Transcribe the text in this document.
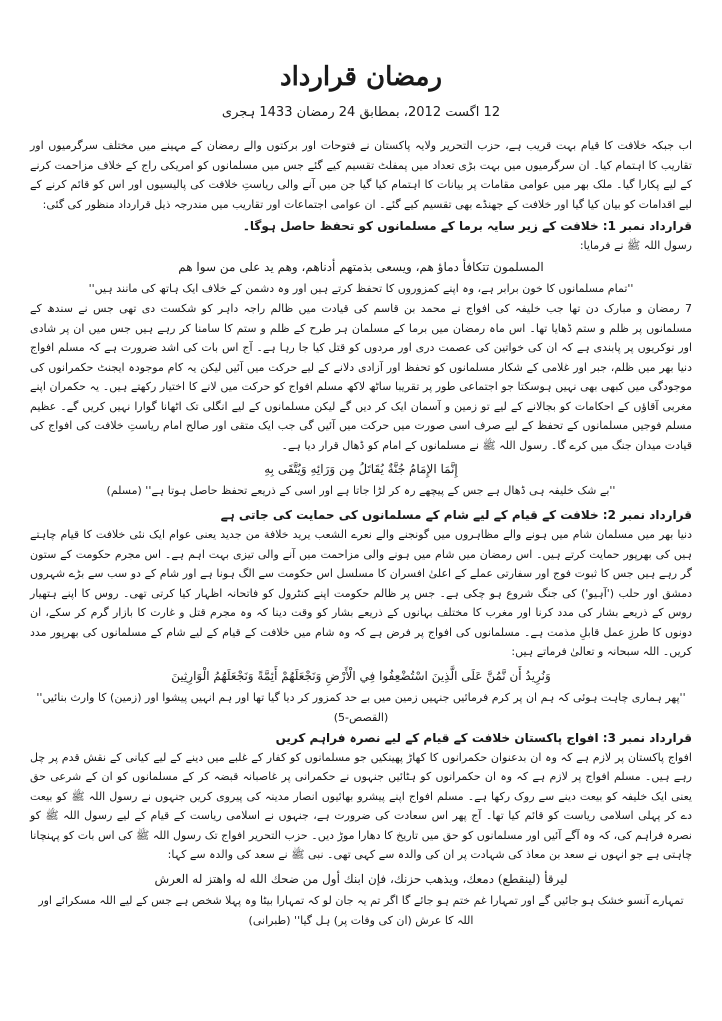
رمضان قرارداد
12 اگست 2012، بمطابق 24 رمضان 1433 ہجری

اب جبکہ خلافت کا قیام بہت قریب ہے، حزب التحریر ولایہ پاکستان نے فتوحات اور برکتوں والے رمضان کے مہینے میں مختلف سرگرمیوں اور تقاریب کا اہتمام کیا۔ ان سرگرمیوں میں بہت بڑی تعداد میں پمفلٹ تقسیم کیے گئے جس میں مسلمانوں کو امریکی راج کے خلاف مزاحمت کرنے کے لیے پکارا گیا۔ ملک بھر میں عوامی مقامات پر بیانات کا اہتمام کیا گیا جن میں آنے والی ریاستِ خلافت کی پالیسیوں اور اس کو قائم کرنے کے لیے اقدامات کو بیان کیا گیا اور خلافت کے جھنڈے بھی تقسیم کیے گئے۔ ان عوامی اجتماعات اور تقاریب میں مندرجہ ذیل قرارداد منظور کی گئی:

قرارداد نمبر 1: خلافت کے زیر سایہ برما کے مسلمانوں کو تحفظ حاصل ہوگا۔

رسول اللہ ﷺ نے فرمایا:

المسلمون تتكافأ دماؤ هم، ويسعى بذمتهم أدناهم، وهم يد على من سوا هم

''تمام مسلمانوں کا خون برابر ہے، وہ اپنے کمزوروں کا تحفظ کرتے ہیں اور وہ دشمن کے خلاف ایک ہاتھ کی مانند ہیں''

7 رمضان و مبارک دن تھا جب خلیفہ کی افواج نے محمد بن قاسم کی قیادت میں ظالم راجہ داہر کو شکست دی تھی جس نے سندھ کے مسلمانوں پر ظلم و ستم ڈھایا تھا۔ اس ماہ رمضان میں برما کے مسلمان ہر طرح کے ظلم و ستم کا سامنا کر رہے ہیں جس میں ان پر شادی اور نوکریوں پر پابندی ہے کہ ان کی خواتین کی عصمت دری اور مردوں کو قتل کیا جا رہا ہے۔ آج اس بات کی اشد ضرورت ہے کہ مسلم افواج دنیا بھر میں ظلم، جبر اور غلامی کے شکار مسلمانوں کو تحفظ اور آزادی دلانے کے لیے حرکت میں آئیں لیکن یہ کام موجودہ ایجنٹ حکمرانوں کی موجودگی میں کبھی بھی نہیں ہوسکتا جو اجتماعی طور پر تقریبا ساٹھ لاکھ مسلم افواج کو حرکت میں لانے کا اختیار رکھتے ہیں۔ یہ حکمران اپنے مغربی آقاؤں کے احکامات کو بجالانے کے لیے تو زمین و آسمان ایک کر دیں گے لیکن مسلمانوں کے لیے انگلی تک اٹھانا گوارا نہیں کریں گے۔ عظیم مسلم فوجیں مسلمانوں کے تحفظ کے لیے صرف اسی صورت میں حرکت میں آئیں گی جب ایک متقی اور صالح امام ریاستِ خلافت کی افواج کی قیادت میدان جنگ میں کرے گا۔ رسول اللہ ﷺ نے مسلمانوں کے امام کو ڈھال قرار دیا ہے۔

إِنَّمَا الإِمَامُ جُنَّةٌ يُقَاتَلُ مِن وَرَائِهِ وَيُتَّقَى بِهِ

''بے شک خلیفہ ہی ڈھال ہے جس کے پیچھے رہ کر لڑا جاتا ہے اور اسی کے ذریعے تحفظ حاصل ہوتا ہے'' (مسلم)

قرارداد نمبر 2: خلافت کے قیام کے لیے شام کے مسلمانوں کی حمایت کی جاتی ہے

دنیا بھر میں مسلمان شام میں ہونے والے مظاہروں میں گونجنے والے نعرے الشعب يريد خلافة من جديد یعنی عوام ایک نئی خلافت کا قیام چاہتے ہیں کی بھرپور حمایت کرتے ہیں۔ اس رمضان میں شام میں ہونے والی مزاحمت میں آنے والی تیزی بہت اہم ہے۔ اس مجرم حکومت کے ستون گر رہے ہیں جس کا ثبوت فوج اور سفارتی عملے کے اعلیٰ افسران کا مسلسل اس حکومت سے الگ ہونا ہے اور شام کے دو سب سے بڑے شہروں دمشق اور حلب ('آہیو') کی جنگ شروع ہو چکی ہے۔ جس پر ظالم حکومت اپنے کنٹرول کو فاتحانہ اظہار کیا کرتی تھی۔ روس کا اپنے ہتھیار روس کے ذریعے بشار کی مدد کرنا اور مغرب کا مختلف بہانوں کے ذریعے بشار کو وقت دینا کہ وہ مجرم قتل و غارت کا بازار گرم کر سکے، ان دونوں کا طرزِ عمل قابلِ مذمت ہے۔ مسلمانوں کی افواج پر فرض ہے کہ وہ شام میں خلافت کے قیام کے لیے شام کے مسلمانوں کی بھرپور مدد کریں۔ اللہ سبحانہ و تعالیٰ فرماتے ہیں:

وَنُرِيدُ أَن نَّمُنَّ عَلَى الَّذِينَ اسْتُضْعِفُوا فِي الْأَرْضِ وَنَجْعَلَهُمْ أَئِمَّةً وَنَجْعَلَهُمُ الْوَارِثِينَ

''پھر ہماری چاہت ہوئی کہ ہم ان پر کرم فرمائیں جنہیں زمین میں بے حد کمزور کر دیا گیا تھا اور ہم انہیں پیشوا اور (زمین) کا وارث بنائیں'' (القصص-5)

قرارداد نمبر 3: افواج پاکستان خلافت کے قیام کے لیے نصرہ فراہم کریں

افواج پاکستان پر لازم ہے کہ وہ ان بدعنوان حکمرانوں کا کھاڑ پھینکیں جو مسلمانوں کو کفار کے غلبے میں دینے کے لیے کیانی کے نقش قدم پر چل رہے ہیں۔ مسلم افواج پر لازم ہے کہ وہ ان حکمرانوں کو ہٹائیں جنہوں نے حکمرانی پر غاصبانہ قبضہ کر کے مسلمانوں کو ان کے شرعی حق یعنی ایک خلیفہ کو بیعت دینے سے روک رکھا ہے۔ مسلم افواج اپنے پیشرو بھائیوں انصار مدینہ کی پیروی کریں جنہوں نے رسول اللہ ﷺ کو بیعت دے کر پہلی اسلامی ریاست کو قائم کیا تھا۔ آج پھر اس سعادت کی ضرورت ہے، جنہوں نے اسلامی ریاست کے قیام کے لیے رسول اللہ ﷺ کو نصرہ فراہم کی، کہ وہ آگے آئیں اور مسلمانوں کو حق میں تاریخ کا دھارا موڑ دیں۔ حزب التحریر افواج تک رسول اللہ ﷺ کی اس بات کو پہنچانا چاہتی ہے جو انہوں نے سعد بن معاذ کی شہادت پر ان کی والدہ سے کہی تھی۔ نبی ﷺ نے سعد کی والدہ سے کہا:

ليرقأ (لينقطع) دمعك، ويذهب حزنك، فإن ابنك أول من ضحك الله له واهتز له العرش

تمہارے آنسو خشک ہو جائیں گے اور تمہارا غم ختم ہو جائے گا اگر تم یہ جان لو کہ تمہارا بیٹا وہ پہلا شخص ہے جس کے لیے اللہ مسکرائے اور اللہ کا عرش (ان کی وفات پر) ہل گیا'' (طبرانی)
